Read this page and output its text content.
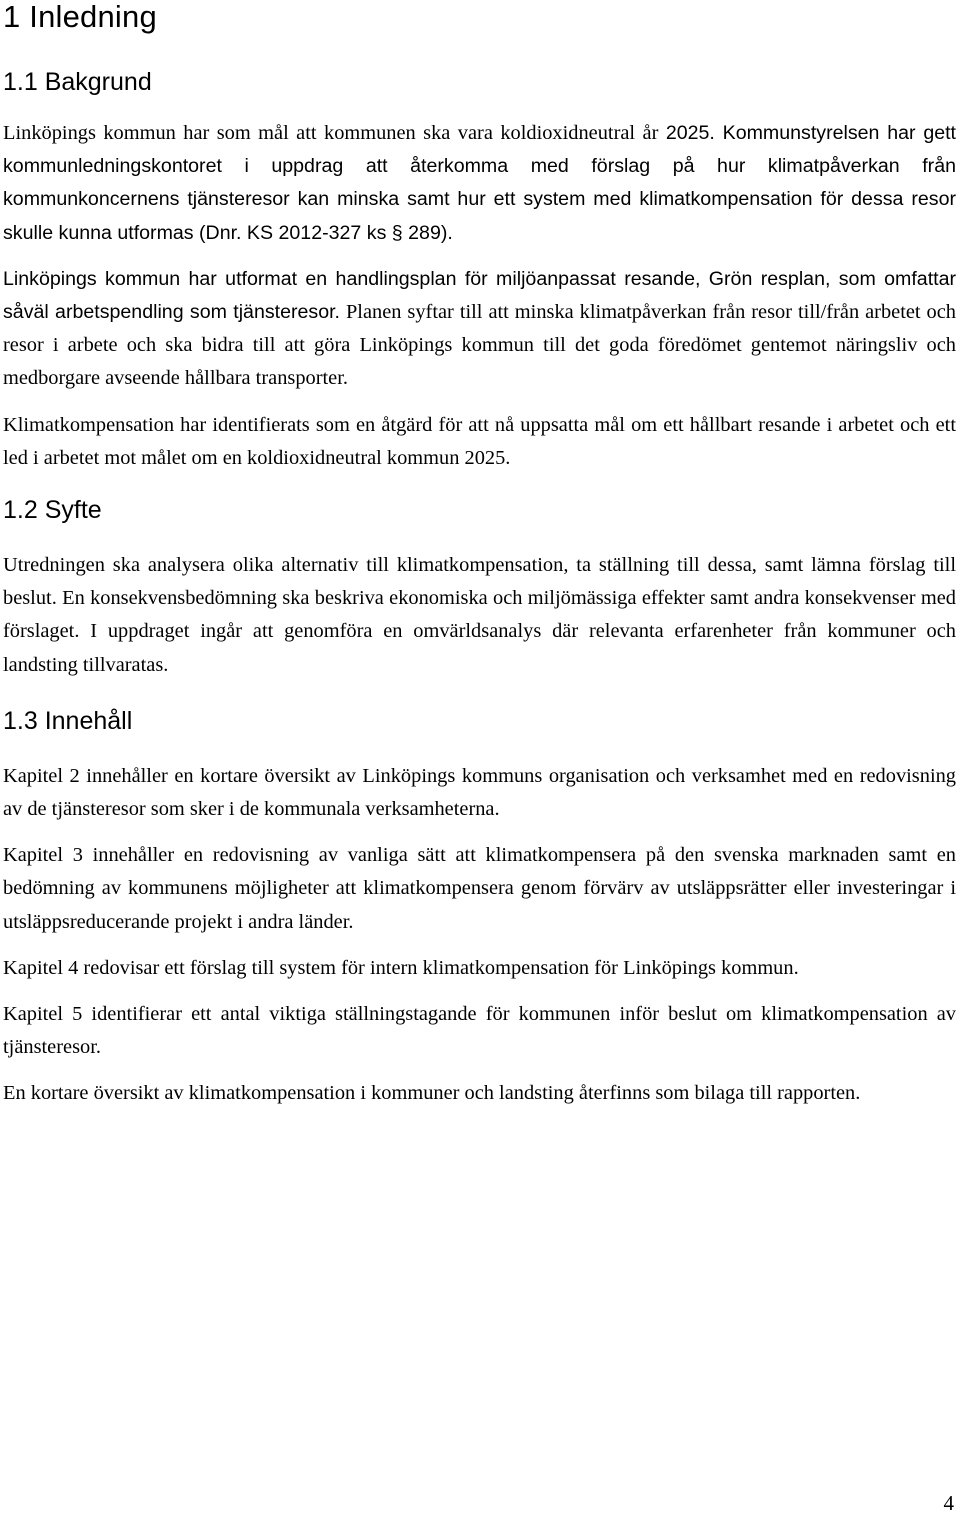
1 Inledning
1.1 Bakgrund

Linköpings kommun har som mål att kommunen ska vara koldioxidneutral år 2025. Kommunstyrelsen har gett kommunledningskontoret i uppdrag att återkomma med förslag på hur klimatpåverkan från kommunkoncernens tjänsteresor kan minska samt hur ett system med klimatkompensation för dessa resor skulle kunna utformas (Dnr. KS 2012-327 ks § 289).

Linköpings kommun har utformat en handlingsplan för miljöanpassat resande, Grön resplan, som omfattar såväl arbetspendling som tjänsteresor. Planen syftar till att minska klimatpåverkan från resor till/från arbetet och resor i arbete och ska bidra till att göra Linköpings kommun till det goda föredömet gentemot näringsliv och medborgare avseende hållbara transporter.

Klimatkompensation har identifierats som en åtgärd för att nå uppsatta mål om ett hållbart resande i arbetet och ett led i arbetet mot målet om en koldioxidneutral kommun 2025.

1.2 Syfte

Utredningen ska analysera olika alternativ till klimatkompensation, ta ställning till dessa, samt lämna förslag till beslut. En konsekvensbedömning ska beskriva ekonomiska och miljömässiga effekter samt andra konsekvenser med förslaget. I uppdraget ingår att genomföra en omvärldsanalys där relevanta erfarenheter från kommuner och landsting tillvaratas.

1.3 Innehåll

Kapitel 2 innehåller en kortare översikt av Linköpings kommuns organisation och verksamhet med en redovisning av de tjänsteresor som sker i de kommunala verksamheterna.

Kapitel 3 innehåller en redovisning av vanliga sätt att klimatkompensera på den svenska marknaden samt en bedömning av kommunens möjligheter att klimatkompensera genom förvärv av utsläppsrätter eller investeringar i utsläppsreducerande projekt i andra länder.

Kapitel 4 redovisar ett förslag till system för intern klimatkompensation för Linköpings kommun.

Kapitel 5 identifierar ett antal viktiga ställningstagande för kommunen inför beslut om klimatkompensation av tjänsteresor.

En kortare översikt av klimatkompensation i kommuner och landsting återfinns som bilaga till rapporten.

4
